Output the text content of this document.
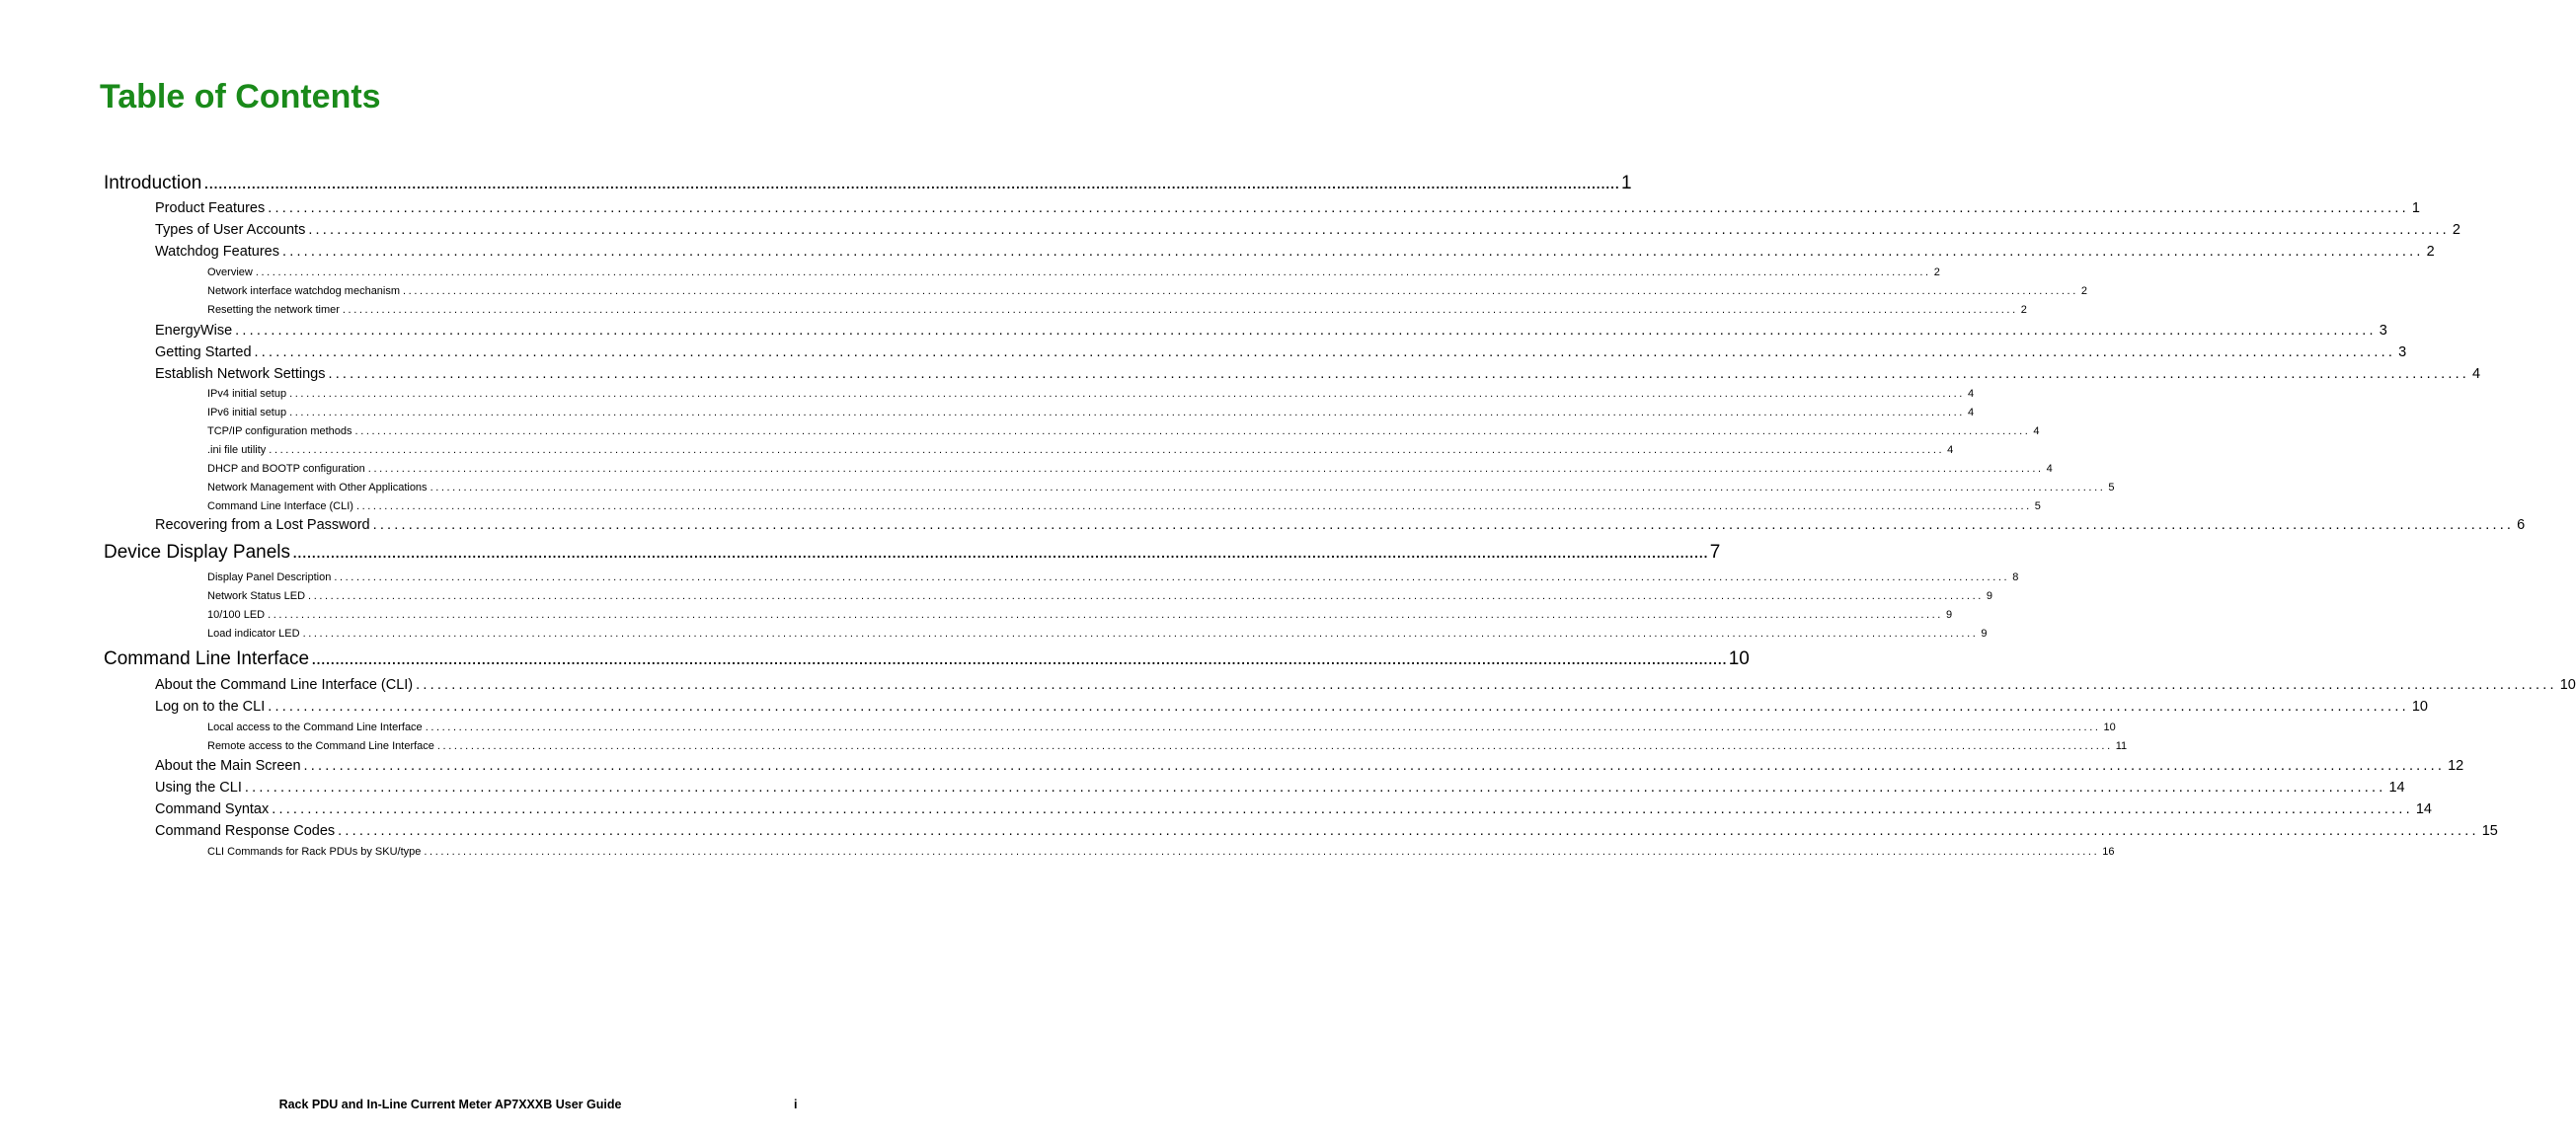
Table of Contents
Introduction ............................................................................................................................................................................................................................................................................................................ 1
Product Features ............................................................................................................................................................................................................................................................................................................ 1
Types of User Accounts ............................................................................................................................................................................................................................................................................................................ 2
Watchdog Features ............................................................................................................................................................................................................................................................................................................ 2
Overview ............................................................................................................................................................................................................................................................................................................ 2
Network interface watchdog mechanism ............................................................................................................................................................................................................................................................................................................ 2
Resetting the network timer ............................................................................................................................................................................................................................................................................................................ 2
EnergyWise ............................................................................................................................................................................................................................................................................................................ 3
Getting Started ............................................................................................................................................................................................................................................................................................................ 3
Establish Network Settings ............................................................................................................................................................................................................................................................................................................ 4
IPv4 initial setup ............................................................................................................................................................................................................................................................................................................ 4
IPv6 initial setup ............................................................................................................................................................................................................................................................................................................ 4
TCP/IP configuration methods ............................................................................................................................................................................................................................................................................................................ 4
.ini file utility ............................................................................................................................................................................................................................................................................................................ 4
DHCP and BOOTP configuration ............................................................................................................................................................................................................................................................................................................ 4
Network Management with Other Applications ............................................................................................................................................................................................................................................................................................................ 5
Command Line Interface (CLI) ............................................................................................................................................................................................................................................................................................................ 5
Recovering from a Lost Password ............................................................................................................................................................................................................................................................................................................ 6
Device Display Panels ............................................................................................................................................................................................................................................................................................................ 7
Display Panel Description ............................................................................................................................................................................................................................................................................................................ 8
Network Status LED ............................................................................................................................................................................................................................................................................................................ 9
10/100 LED ............................................................................................................................................................................................................................................................................................................ 9
Load indicator LED ............................................................................................................................................................................................................................................................................................................ 9
Command Line Interface ............................................................................................................................................................................................................................................................................................................ 10
About the Command Line Interface (CLI) ............................................................................................................................................................................................................................................................................................................ 10
Log on to the CLI ............................................................................................................................................................................................................................................................................................................ 10
Local access to the Command Line Interface ............................................................................................................................................................................................................................................................................................................ 10
Remote access to the Command Line Interface ............................................................................................................................................................................................................................................................................................................ 11
About the Main Screen ............................................................................................................................................................................................................................................................................................................ 12
Using the CLI ............................................................................................................................................................................................................................................................................................................ 14
Command Syntax ............................................................................................................................................................................................................................................................................................................ 14
Command Response Codes ............................................................................................................................................................................................................................................................................................................ 15
CLI Commands for Rack PDUs by SKU/type ............................................................................................................................................................................................................................................................................................................ 16
Rack PDU and In-Line Current Meter AP7XXXB User Guide	i
